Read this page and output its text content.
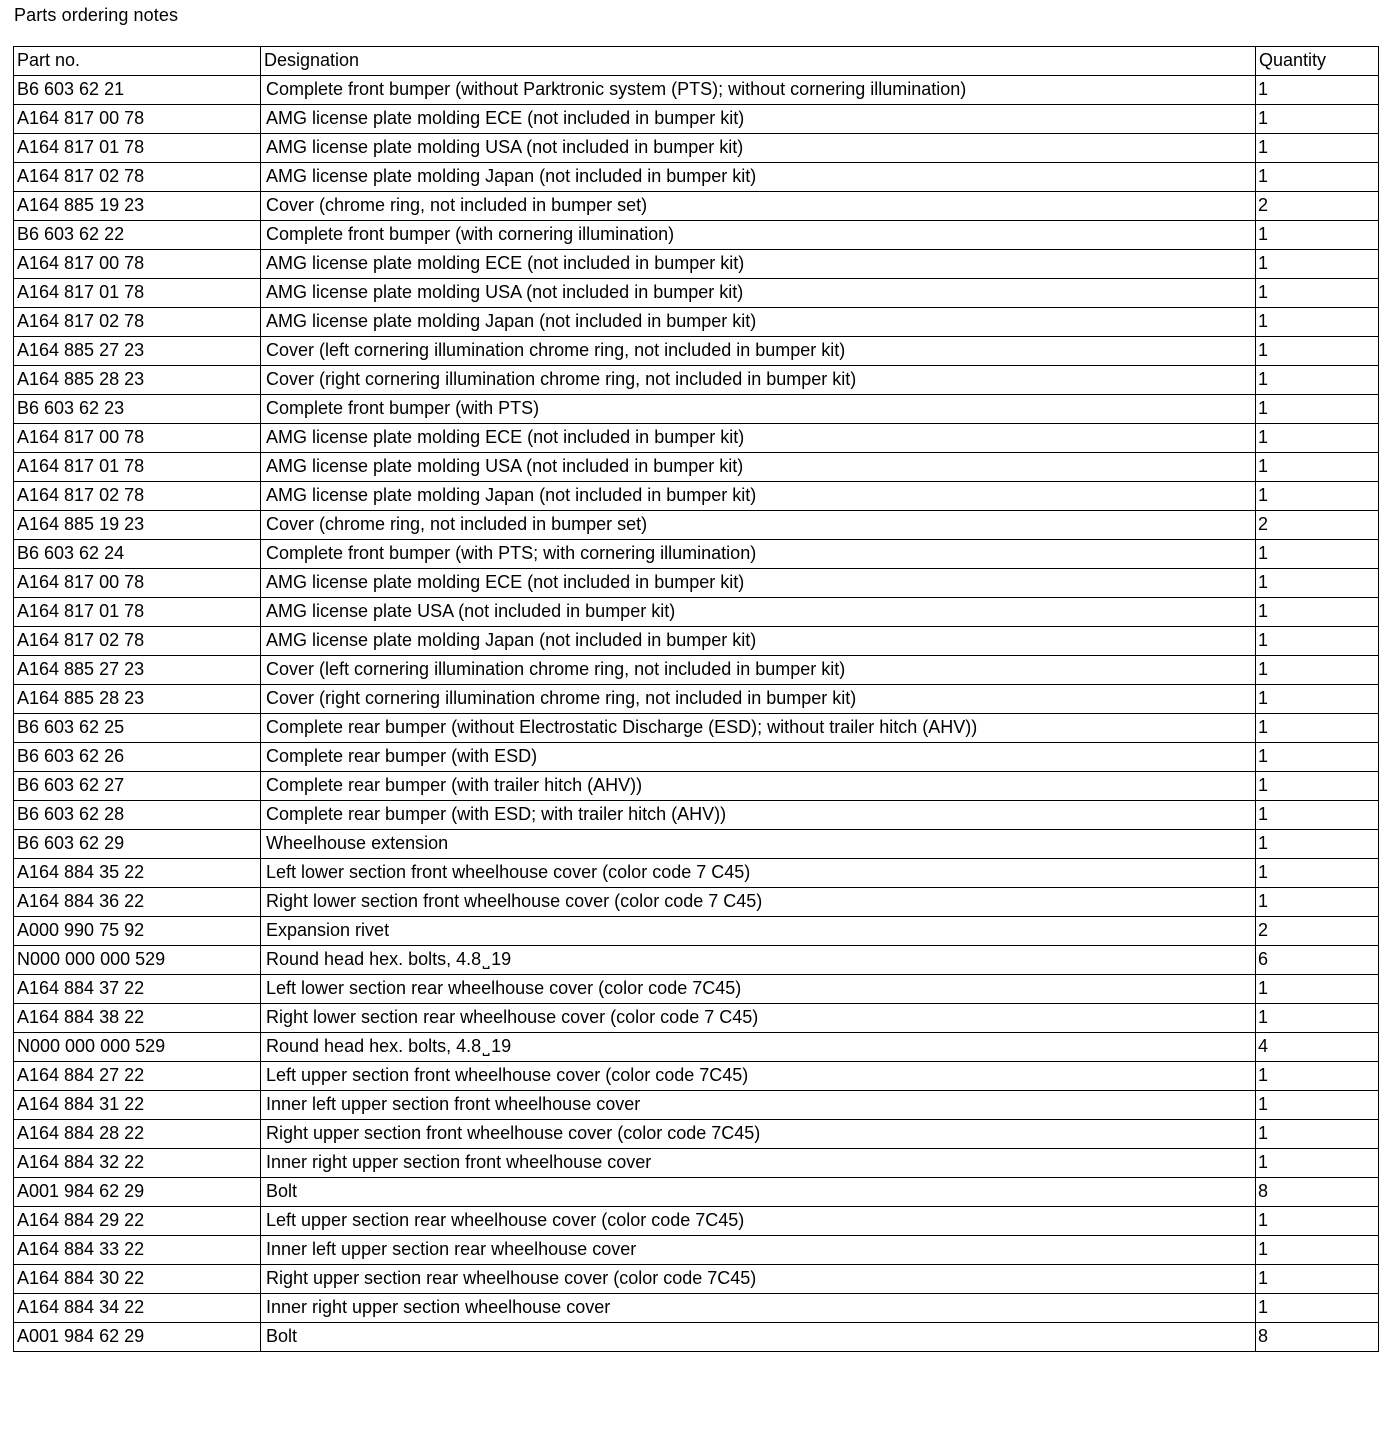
Parts ordering notes
Part no.	Designation	Quantity
B6 603 62 21	Complete front bumper (without Parktronic system (PTS); without cornering illumination)	1
A164 817 00 78	AMG license plate molding ECE (not included in bumper kit)	1
A164 817 01 78	AMG license plate molding USA (not included in bumper kit)	1
A164 817 02 78	AMG license plate molding Japan (not included in bumper kit)	1
A164 885 19 23	Cover (chrome ring, not included in bumper set)	2
B6 603 62 22	Complete front bumper (with cornering illumination)	1
A164 817 00 78	AMG license plate molding ECE (not included in bumper kit)	1
A164 817 01 78	AMG license plate molding USA (not included in bumper kit)	1
A164 817 02 78	AMG license plate molding Japan (not included in bumper kit)	1
A164 885 27 23	Cover (left cornering illumination chrome ring, not included in bumper kit)	1
A164 885 28 23	Cover (right cornering illumination chrome ring, not included in bumper kit)	1
B6 603 62 23	Complete front bumper (with PTS)	1
A164 817 00 78	AMG license plate molding ECE (not included in bumper kit)	1
A164 817 01 78	AMG license plate molding USA (not included in bumper kit)	1
A164 817 02 78	AMG license plate molding Japan (not included in bumper kit)	1
A164 885 19 23	Cover (chrome ring, not included in bumper set)	2
B6 603 62 24	Complete front bumper (with PTS; with cornering illumination)	1
A164 817 00 78	AMG license plate molding ECE (not included in bumper kit)	1
A164 817 01 78	AMG license plate USA (not included in bumper kit)	1
A164 817 02 78	AMG license plate molding Japan (not included in bumper kit)	1
A164 885 27 23	Cover (left cornering illumination chrome ring, not included in bumper kit)	1
A164 885 28 23	Cover (right cornering illumination chrome ring, not included in bumper kit)	1
B6 603 62 25	Complete rear bumper (without Electrostatic Discharge (ESD); without trailer hitch (AHV))	1
B6 603 62 26	Complete rear bumper (with ESD)	1
B6 603 62 27	Complete rear bumper (with trailer hitch (AHV))	1
B6 603 62 28	Complete rear bumper (with ESD; with trailer hitch (AHV))	1
B6 603 62 29	Wheelhouse extension	1
A164 884 35 22	Left lower section front wheelhouse cover (color code 7 C45)	1
A164 884 36 22	Right lower section front wheelhouse cover (color code 7 C45)	1
A000 990 75 92	Expansion rivet	2
N000 000 000 529	Round head hex. bolts, 4.8 ̺ 19	6
A164 884 37 22	Left lower section rear wheelhouse cover (color code 7C45)	1
A164 884 38 22	Right lower section rear wheelhouse cover (color code 7 C45)	1
N000 000 000 529	Round head hex. bolts, 4.8 ̺ 19	4
A164 884 27 22	Left upper section front wheelhouse cover (color code 7C45)	1
A164 884 31 22	Inner left upper section front wheelhouse cover	1
A164 884 28 22	Right upper section front wheelhouse cover (color code 7C45)	1
A164 884 32 22	Inner right upper section front wheelhouse cover	1
A001 984 62 29	Bolt	8
A164 884 29 22	Left upper section rear wheelhouse cover (color code 7C45)	1
A164 884 33 22	Inner left upper section rear wheelhouse cover	1
A164 884 30 22	Right upper section rear wheelhouse cover (color code 7C45)	1
A164 884 34 22	Inner right upper section wheelhouse cover	1
A001 984 62 29	Bolt	8
